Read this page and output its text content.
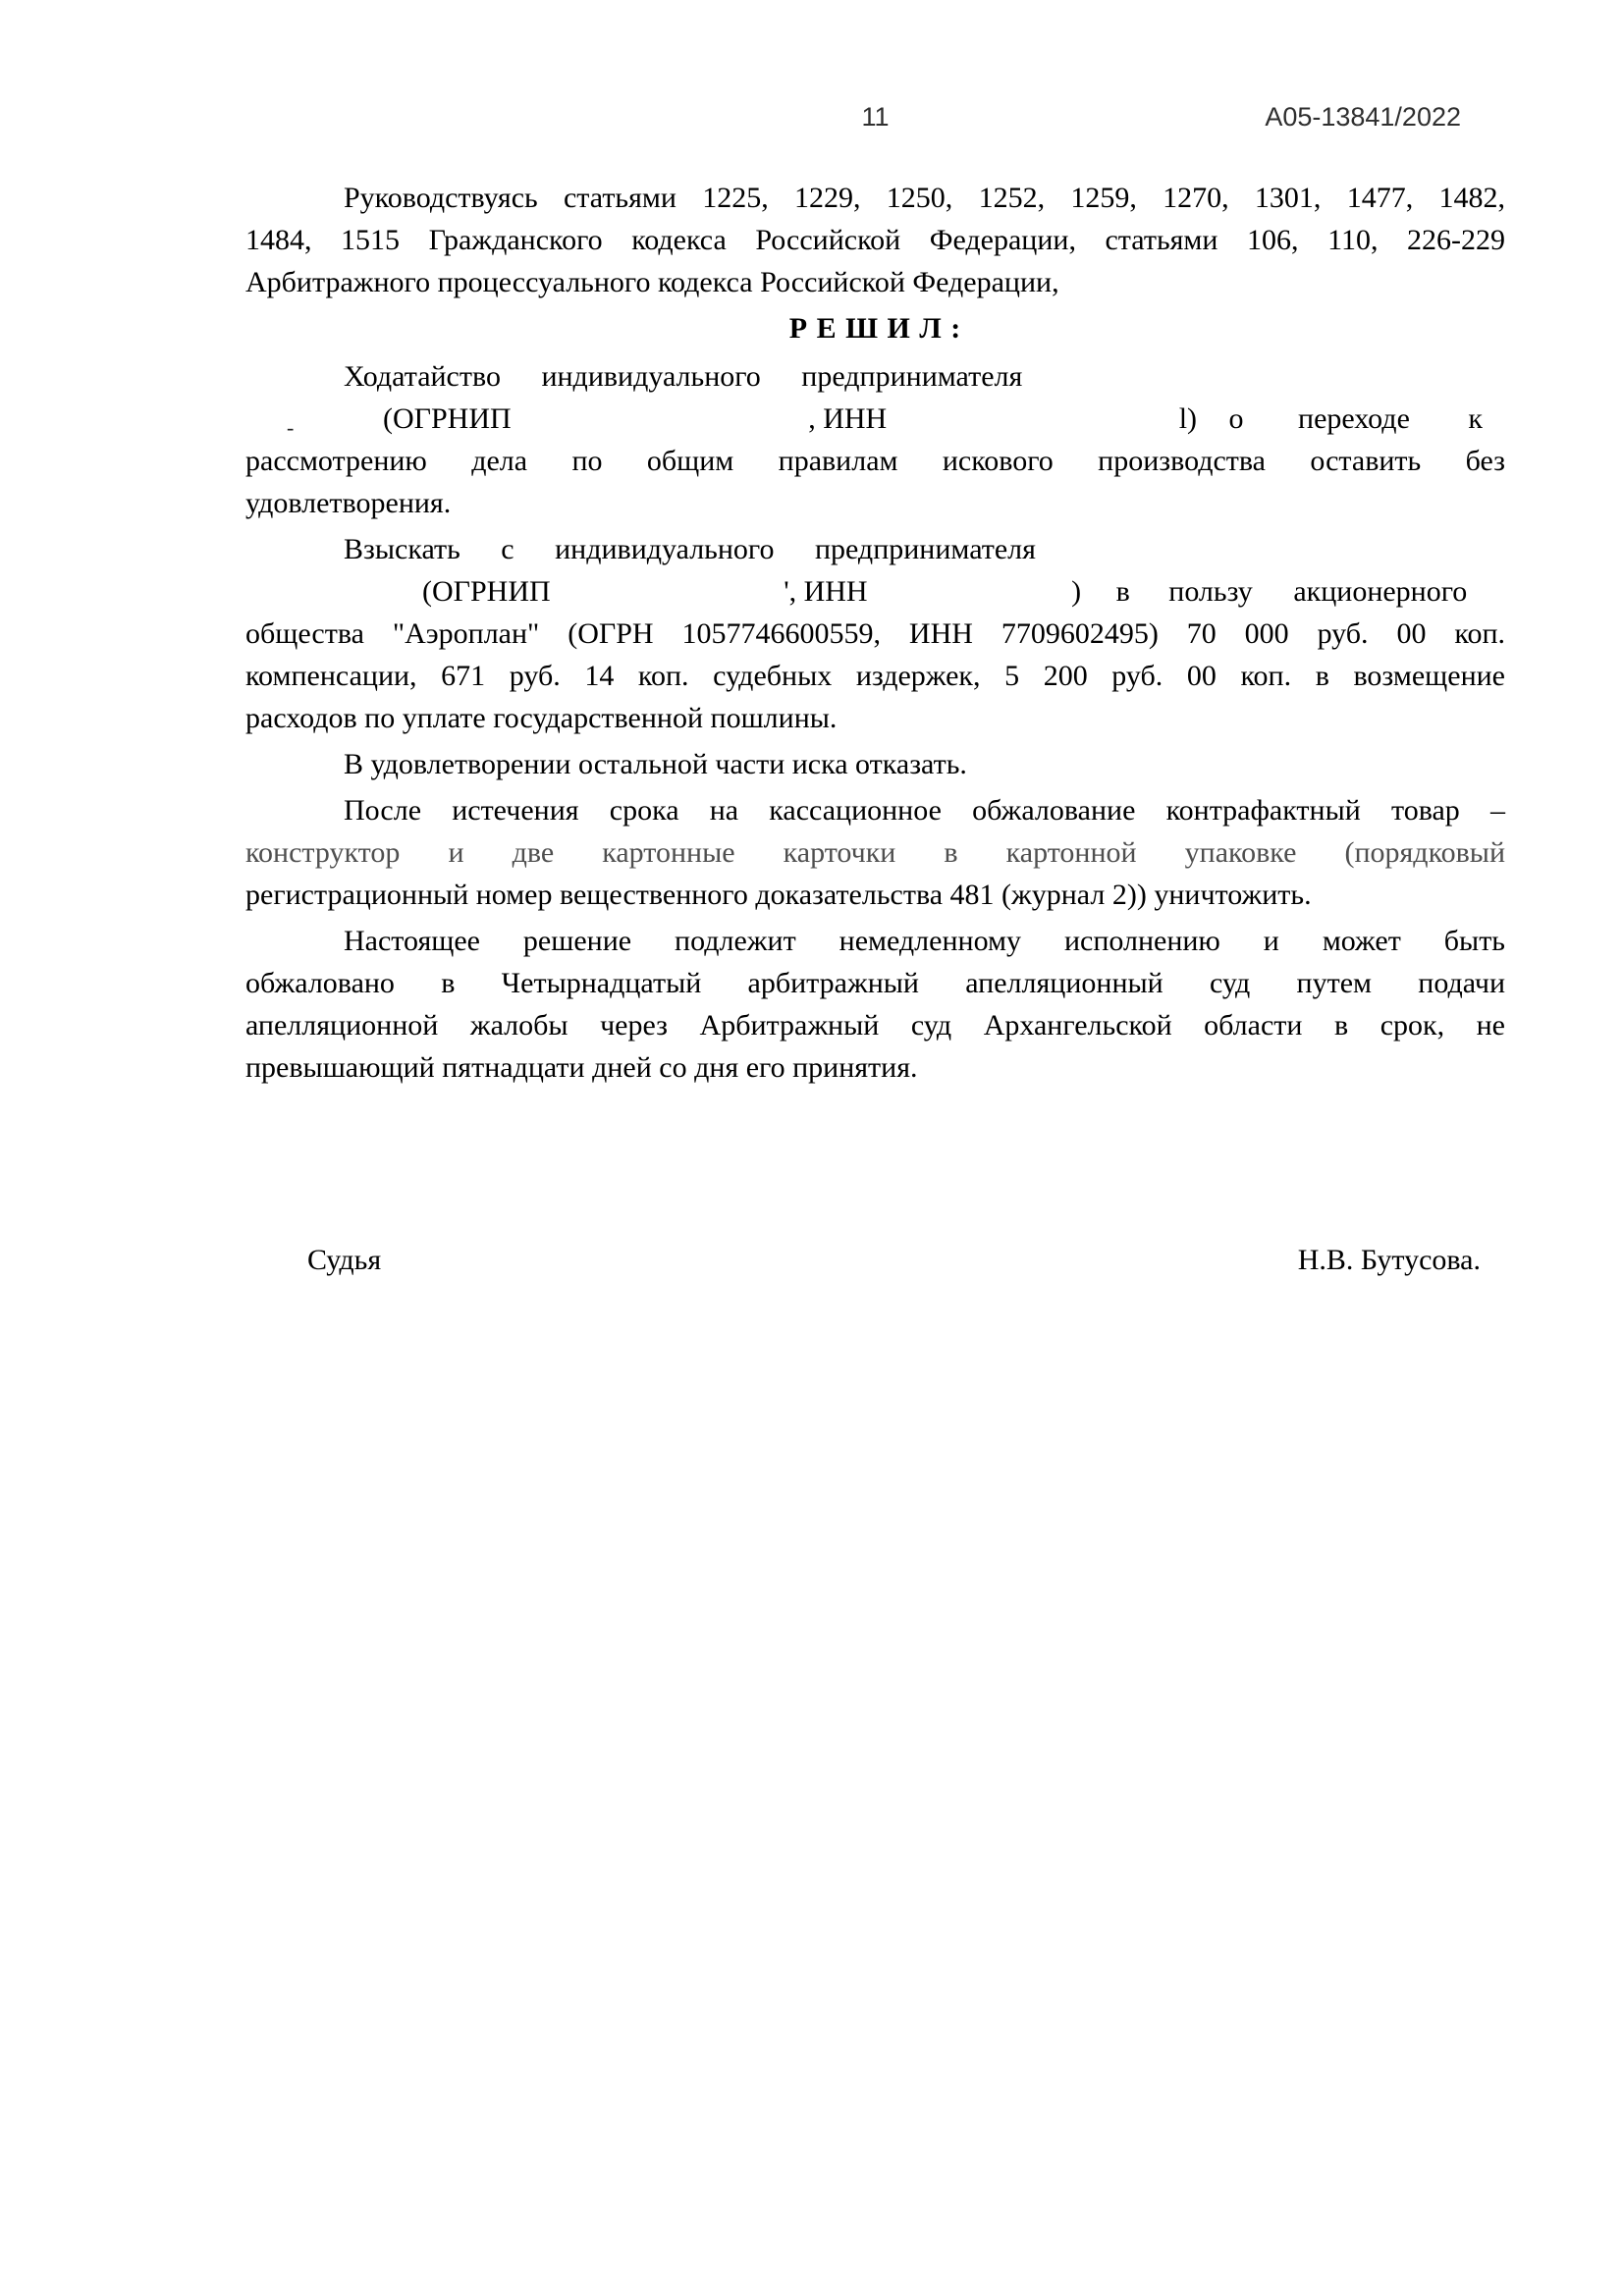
11	А05-13841/2022
Руководствуясь статьями 1225, 1229, 1250, 1252, 1259, 1270, 1301, 1477, 1482,
1484, 1515 Гражданского кодекса Российской Федерации, статьями 106, 110, 226-229
Арбитражного процессуального кодекса Российской Федерации,
Р Е Ш И Л :
Ходатайство индивидуального предпринимателя
-	(ОГРНИП	, ИНН	l) о переходе к
рассмотрению дела по общим правилам искового производства оставить без
удовлетворения.
Взыскать с индивидуального предпринимателя
(ОГРНИП	', ИНН	) в пользу акционерного
общества "Аэроплан" (ОГРН 1057746600559, ИНН 7709602495) 70 000 руб. 00 коп.
компенсации, 671 руб. 14 коп. судебных издержек, 5 200 руб. 00 коп. в возмещение
расходов по уплате государственной пошлины.
В удовлетворении остальной части иска отказать.
После истечения срока на кассационное обжалование контрафактный товар –
конструктор и две картонные карточки в картонной упаковке (порядковый
регистрационный номер вещественного доказательства 481 (журнал 2)) уничтожить.
Настоящее решение подлежит немедленному исполнению и может быть
обжаловано в Четырнадцатый арбитражный апелляционный суд путем подачи
апелляционной жалобы через Арбитражный суд Архангельской области в срок, не
превышающий пятнадцати дней со дня его принятия.
Судья	Н.В. Бутусова.
